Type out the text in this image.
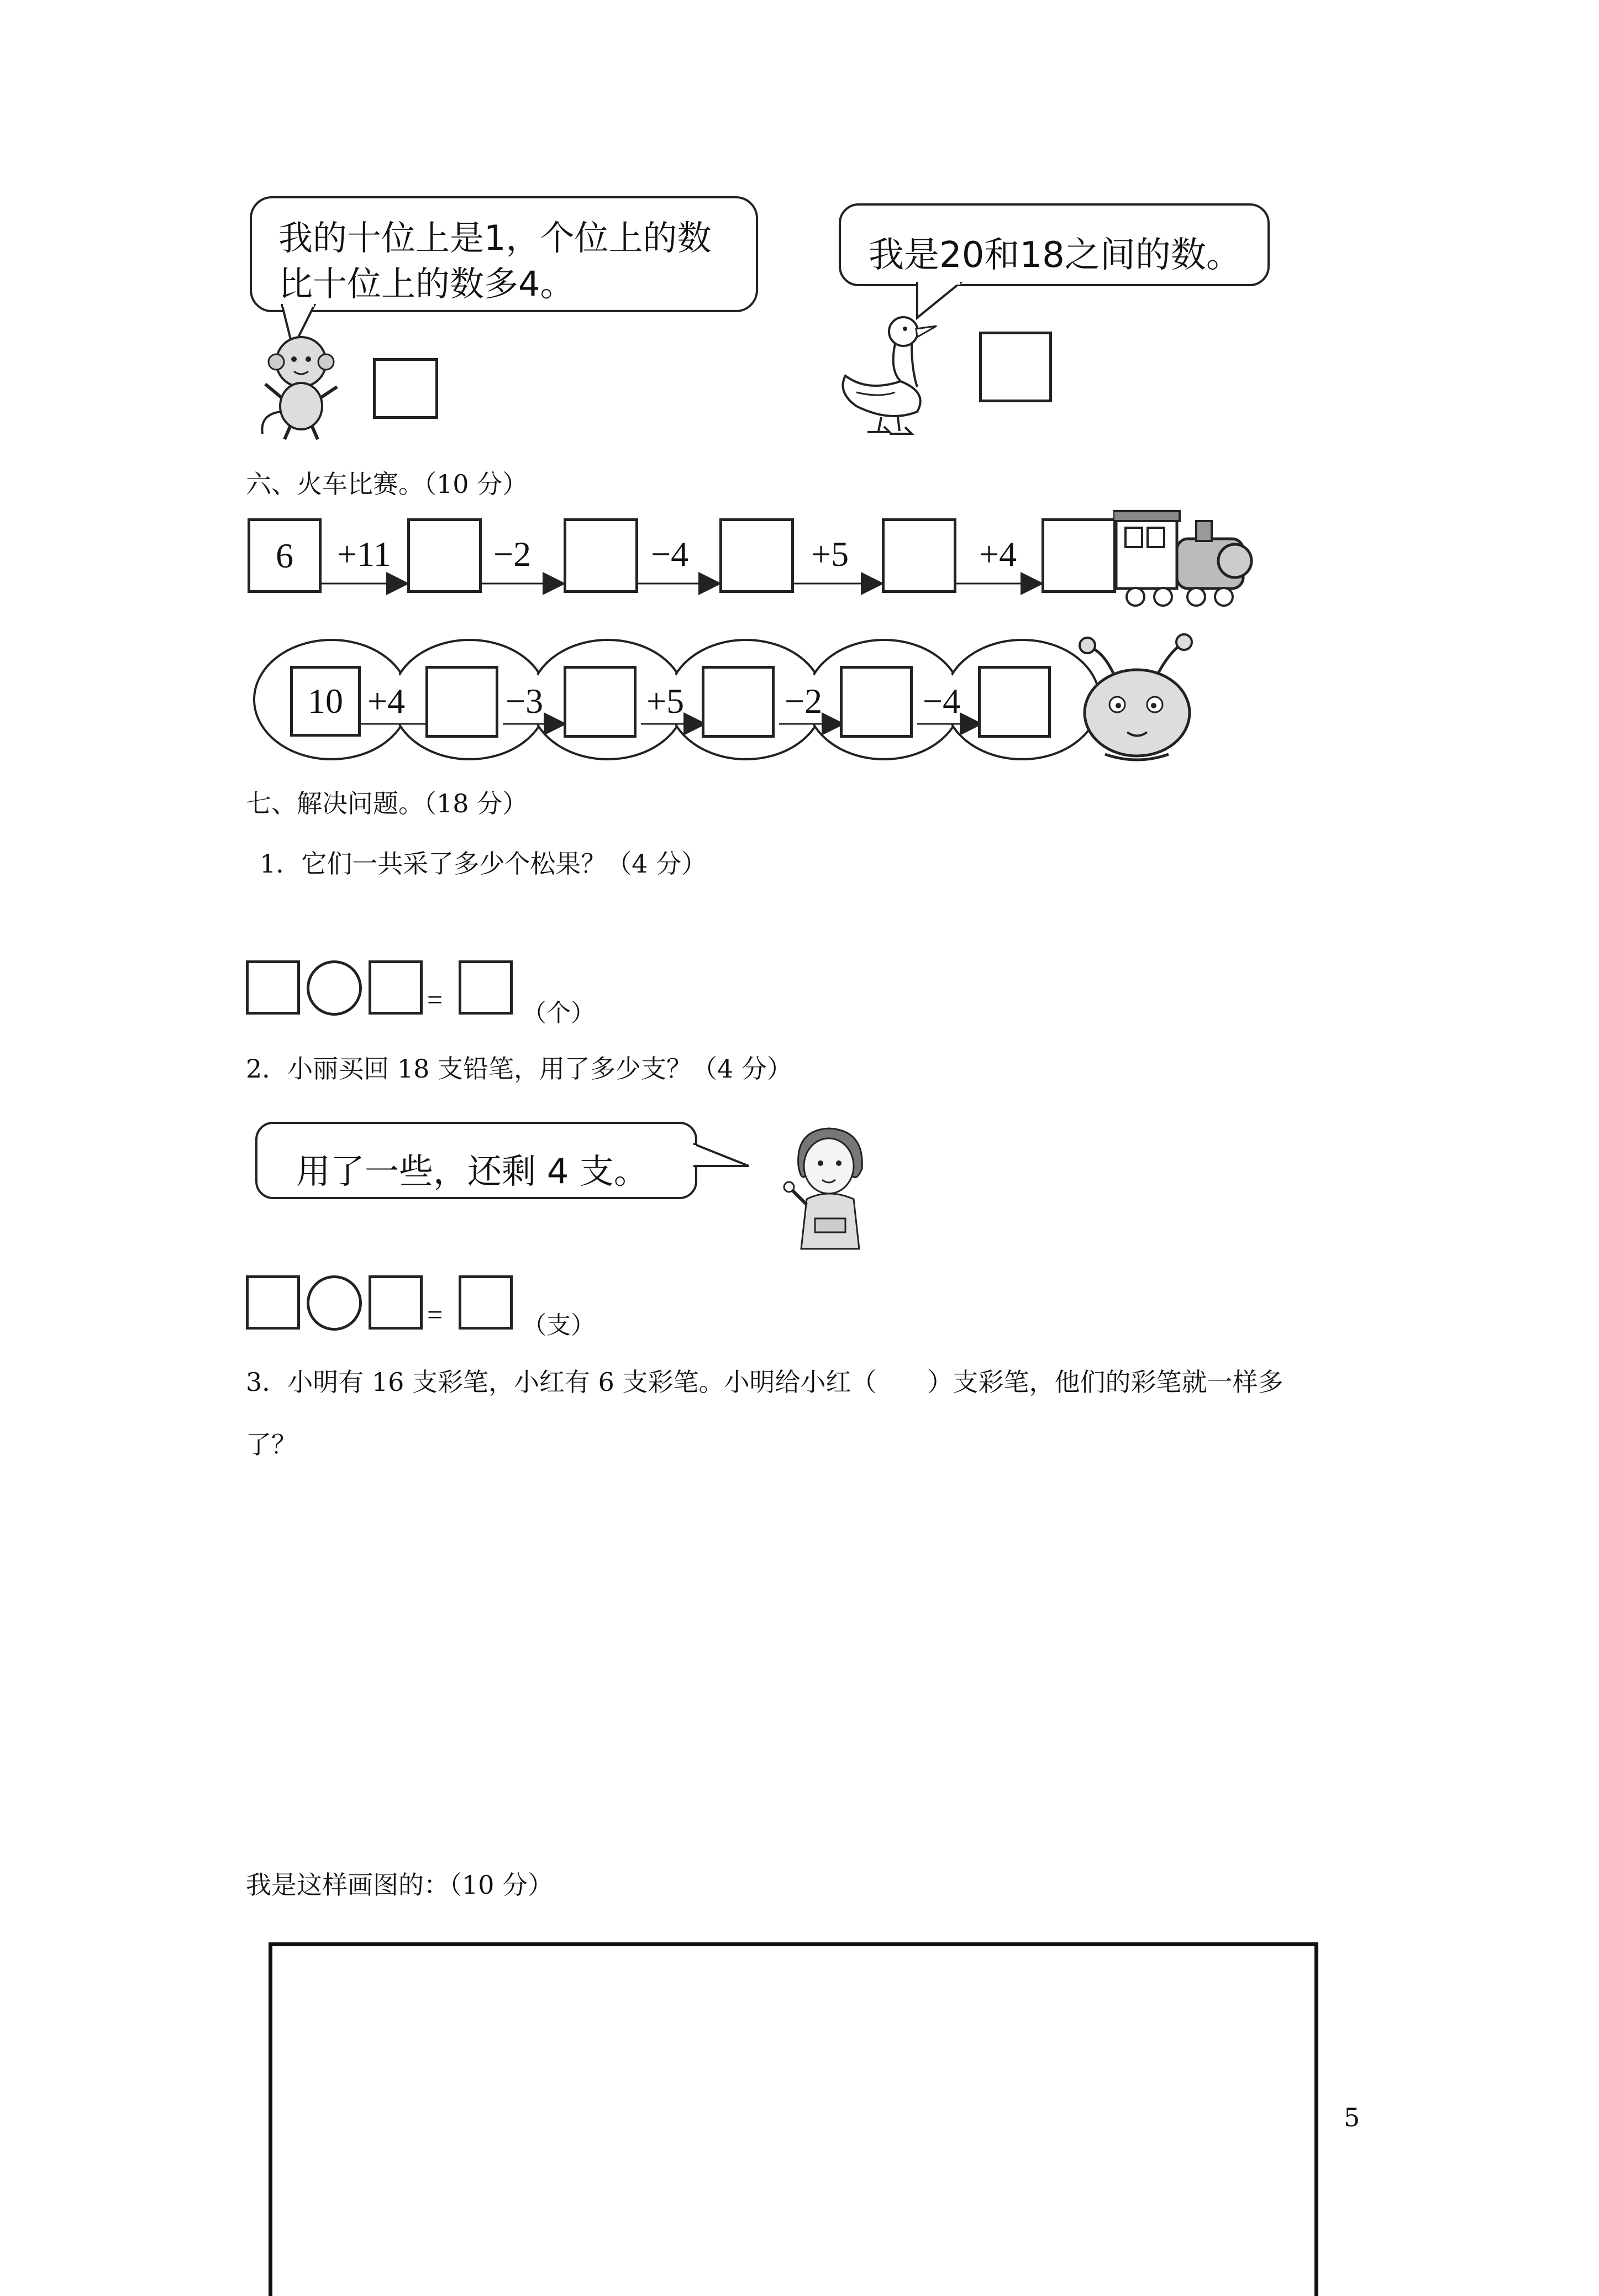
我的十位上是1，个位上的数
比十位上的数多4。
我是20和18之间的数。
六、火车比赛。（10 分）
6	+11	−2	−4	+5	+4
10 +4	−3	+5	−2	−4
七、解决问题。（18 分）
1．它们一共采了多少个松果？（4 分）
=	（个）
2．小丽买回 18 支铅笔，用了多少支？（4 分）
用了一些，还剩 4 支。
=	（支）
3．小明有 16 支彩笔，小红有 6 支彩笔。小明给小红（　　）支彩笔，他们的彩笔就一样多
了？
我是这样画图的：（10 分）
5
